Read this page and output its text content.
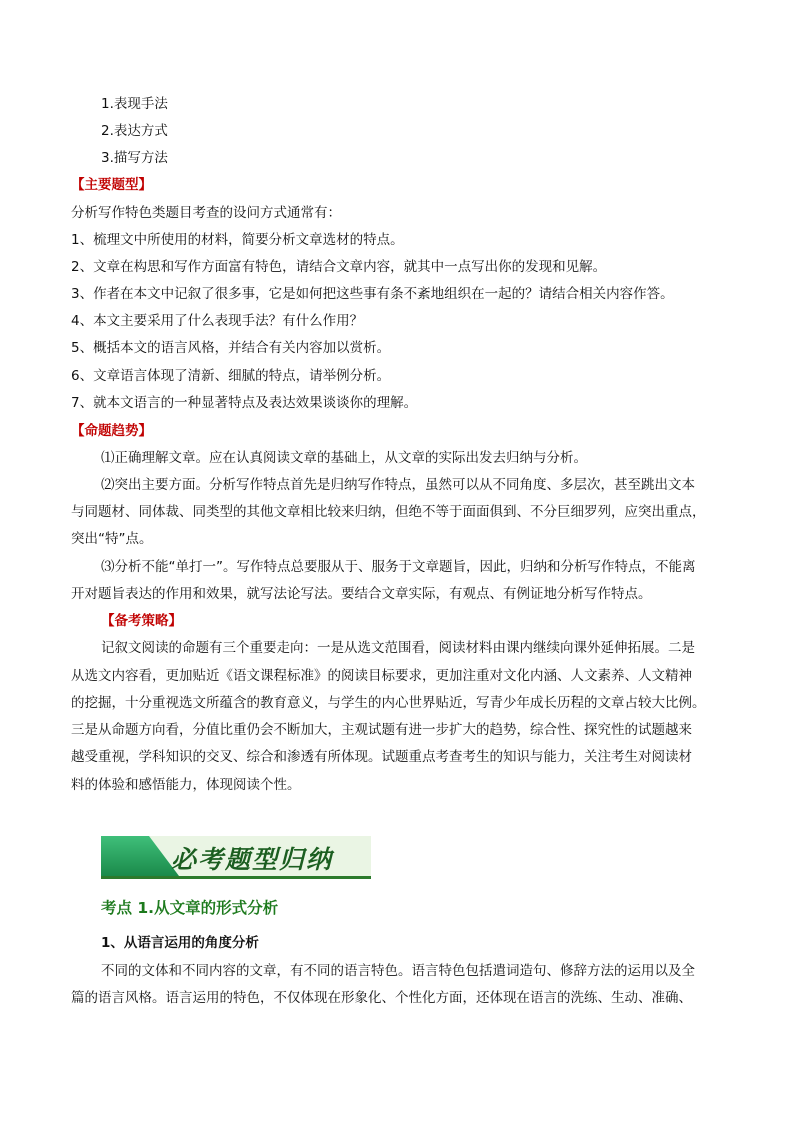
1.表现手法
2.表达方式
3.描写方法
【主要题型】
分析写作特色类题目考查的设问方式通常有：
1、梳理文中所使用的材料，简要分析文章选材的特点。
2、文章在构思和写作方面富有特色，请结合文章内容，就其中一点写出你的发现和见解。
3、作者在本文中记叙了很多事，它是如何把这些事有条不紊地组织在一起的？请结合相关内容作答。
4、本文主要采用了什么表现手法？有什么作用？
5、概括本文的语言风格，并结合有关内容加以赏析。
6、文章语言体现了清新、细腻的特点，请举例分析。
7、就本文语言的一种显著特点及表达效果谈谈你的理解。
【命题趋势】
⑴正确理解文章。应在认真阅读文章的基础上，从文章的实际出发去归纳与分析。
⑵突出主要方面。分析写作特点首先是归纳写作特点，虽然可以从不同角度、多层次，甚至跳出文本
与同题材、同体裁、同类型的其他文章相比较来归纳，但绝不等于面面俱到、不分巨细罗列，应突出重点，
突出“特”点。
⑶分析不能“单打一”。写作特点总要服从于、服务于文章题旨，因此，归纳和分析写作特点，不能离
开对题旨表达的作用和效果，就写法论写法。要结合文章实际，有观点、有例证地分析写作特点。
【备考策略】
记叙文阅读的命题有三个重要走向：一是从选文范围看，阅读材料由课内继续向课外延伸拓展。二是
从选文内容看，更加贴近《语文课程标准》的阅读目标要求，更加注重对文化内涵、人文素养、人文精神
的挖掘，十分重视选文所蕴含的教育意义，与学生的内心世界贴近，写青少年成长历程的文章占较大比例。
三是从命题方向看，分值比重仍会不断加大，主观试题有进一步扩大的趋势，综合性、探究性的试题越来
越受重视，学科知识的交叉、综合和渗透有所体现。试题重点考查考生的知识与能力，关注考生对阅读材
料的体验和感悟能力，体现阅读个性。
必考题型归纳
考点 1.从文章的形式分析
1、从语言运用的角度分析
不同的文体和不同内容的文章，有不同的语言特色。语言特色包括遣词造句、修辞方法的运用以及全
篇的语言风格。语言运用的特色，不仅体现在形象化、个性化方面，还体现在语言的洗练、生动、准确、
